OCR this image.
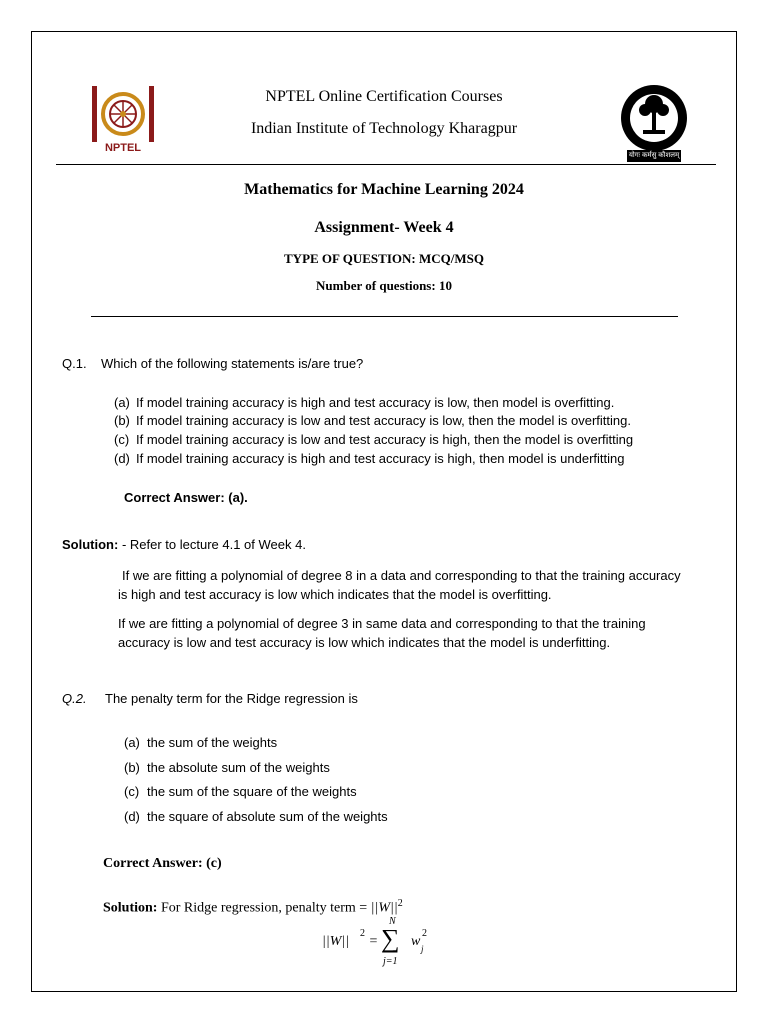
NPTEL
NPTEL Online Certification Courses
Indian Institute of Technology Kharagpur
योगः कर्मसु कौशलम्
Mathematics for Machine Learning 2024
Assignment- Week 4
TYPE OF QUESTION: MCQ/MSQ
Number of questions: 10
Q.1. Which of the following statements is/are true?
(a) If model training accuracy is high and test accuracy is low, then model is overfitting.
(b) If model training accuracy is low and test accuracy is low, then the model is overfitting.
(c) If model training accuracy is low and test accuracy is high, then the model is overfitting
(d) If model training accuracy is high and test accuracy is high, then model is underfitting
Correct Answer: (a).
Solution: - Refer to lecture 4.1 of Week 4.
If we are fitting a polynomial of degree 8 in a data and corresponding to that the training accuracy
is high and test accuracy is low which indicates that the model is overfitting.
If we are fitting a polynomial of degree 3 in same data and corresponding to that the training
accuracy is low and test accuracy is low which indicates that the model is underfitting.
Q.2. The penalty term for the Ridge regression is
(a) the sum of the weights
(b) the absolute sum of the weights
(c) the sum of the square of the weights
(d) the square of absolute sum of the weights
Correct Answer: (c)
Solution: For Ridge regression, penalty term = $||W||^2$
||W||
2
=
N
∑
j=1
w j
2
